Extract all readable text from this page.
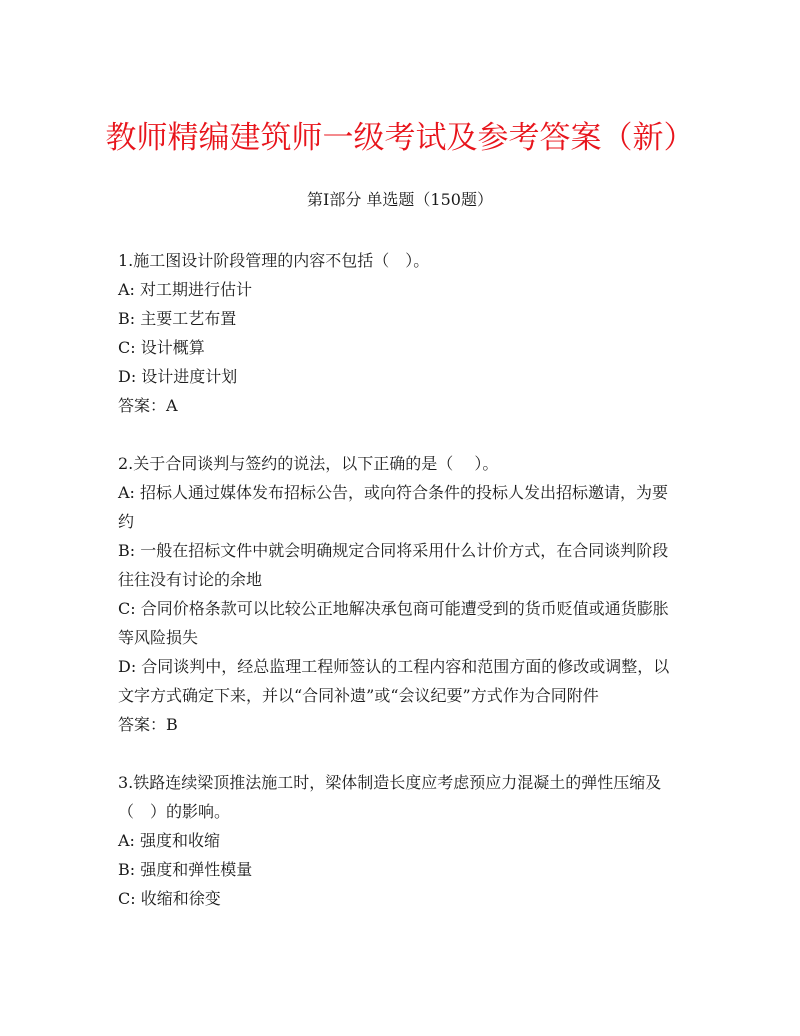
教师精编建筑师一级考试及参考答案（新）
第I部分 单选题（150题）
1.施工图设计阶段管理的内容不包括（　）。
A: 对工期进行估计
B: 主要工艺布置
C: 设计概算
D: 设计进度计划
答案：A
2.关于合同谈判与签约的说法，以下正确的是（　 ）。
A: 招标人通过媒体发布招标公告，或向符合条件的投标人发出招标邀请，为要约
B: 一般在招标文件中就会明确规定合同将采用什么计价方式，在合同谈判阶段往往没有讨论的余地
C: 合同价格条款可以比较公正地解决承包商可能遭受到的货币贬值或通货膨胀等风险损失
D: 合同谈判中，经总监理工程师签认的工程内容和范围方面的修改或调整，以文字方式确定下来，并以“合同补遗”或“会议纪要”方式作为合同附件
答案：B
3.铁路连续梁顶推法施工时，梁体制造长度应考虑预应力混凝土的弹性压缩及（　）的影响。
A: 强度和收缩
B: 强度和弹性模量
C: 收缩和徐变
